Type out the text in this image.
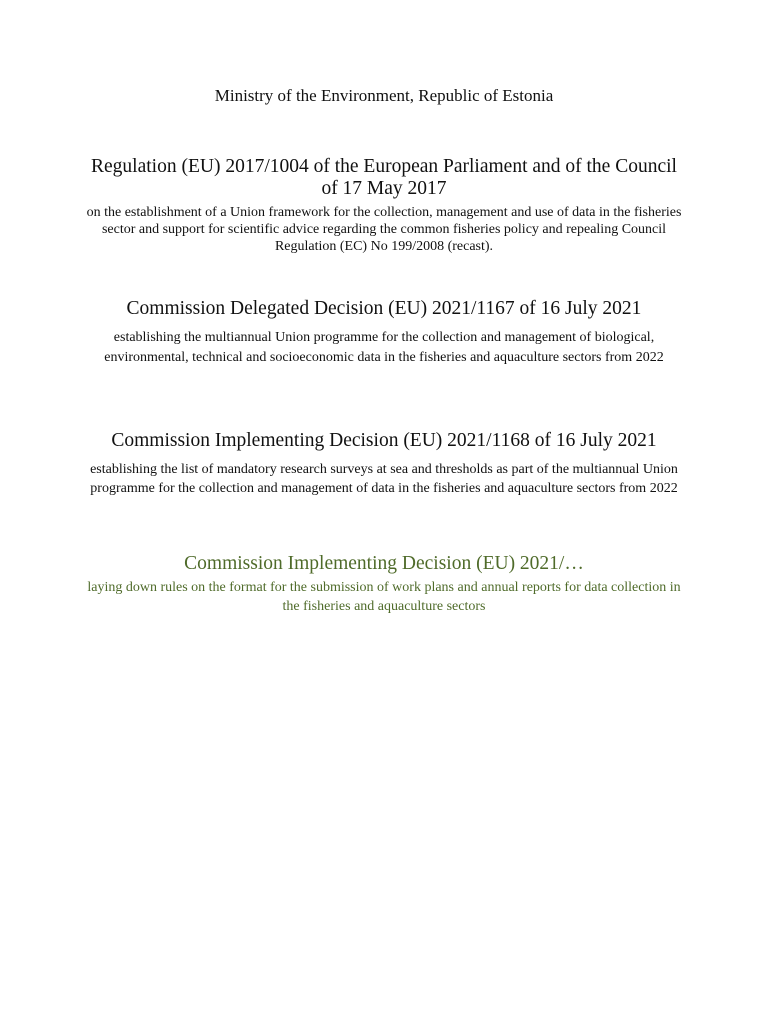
Ministry of the Environment, Republic of Estonia
Regulation (EU) 2017/1004 of the European Parliament and of the Council of 17 May 2017

on the establishment of a Union framework for the collection, management and use of data in the fisheries sector and support for scientific advice regarding the common fisheries policy and repealing Council Regulation (EC) No 199/2008 (recast).

Commission Delegated Decision (EU) 2021/1167 of 16 July 2021

establishing the multiannual Union programme for the collection and management of biological, environmental, technical and socioeconomic data in the fisheries and aquaculture sectors from 2022

Commission Implementing Decision (EU) 2021/1168 of 16 July 2021

establishing the list of mandatory research surveys at sea and thresholds as part of the multiannual Union programme for the collection and management of data in the fisheries and aquaculture sectors from 2022

Commission Implementing Decision (EU) 2021/…

laying down rules on the format for the submission of work plans and annual reports for data collection in the fisheries and aquaculture sectors
